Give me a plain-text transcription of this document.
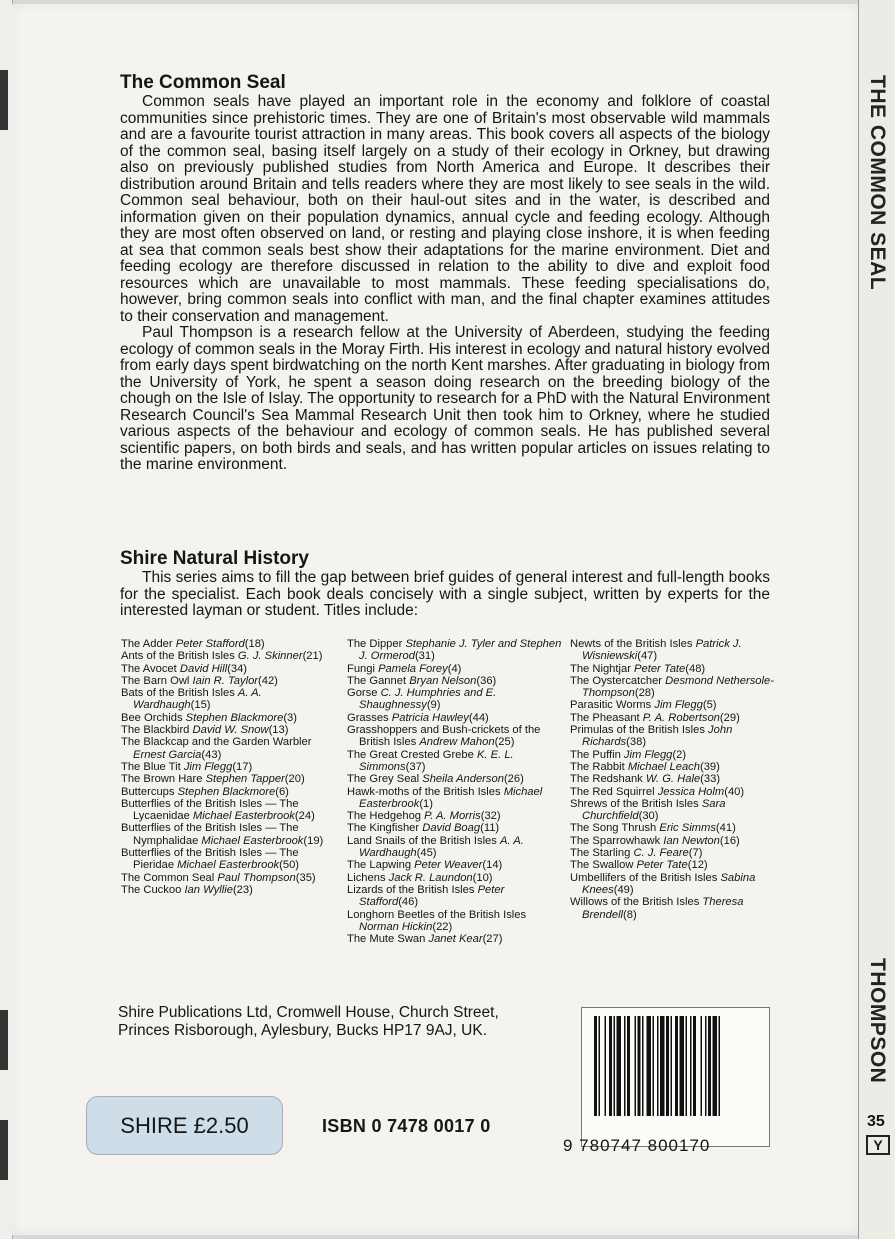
The Common Seal

Common seals have played an important role in the economy and folklore of coastal communities since prehistoric times. They are one of Britain's most observable wild mammals and are a favourite tourist attraction in many areas. This book covers all aspects of the biology of the common seal, basing itself largely on a study of their ecology in Orkney, but drawing also on previously published studies from North America and Europe. It describes their distribution around Britain and tells readers where they are most likely to see seals in the wild. Common seal behaviour, both on their haul-out sites and in the water, is described and information given on their population dynamics, annual cycle and feeding ecology. Although they are most often observed on land, or resting and playing close inshore, it is when feeding at sea that common seals best show their adaptations for the marine environment. Diet and feeding ecology are therefore discussed in relation to the ability to dive and exploit food resources which are unavailable to most mammals. These feeding specialisations do, however, bring common seals into conflict with man, and the final chapter examines attitudes to their conservation and management.

Paul Thompson is a research fellow at the University of Aberdeen, studying the feeding ecology of common seals in the Moray Firth. His interest in ecology and natural history evolved from early days spent birdwatching on the north Kent marshes. After graduating in biology from the University of York, he spent a season doing research on the breeding biology of the chough on the Isle of Islay. The opportunity to research for a PhD with the Natural Environment Research Council's Sea Mammal Research Unit then took him to Orkney, where he studied various aspects of the behaviour and ecology of common seals. He has published several scientific papers, on both birds and seals, and has written popular articles on issues relating to the marine environment.

Shire Natural History

This series aims to fill the gap between brief guides of general interest and full-length books for the specialist. Each book deals concisely with a single subject, written by experts for the interested layman or student. Titles include:

The Adder Peter Stafford(18)
Ants of the British Isles G. J. Skinner(21)
The Avocet David Hill(34)
The Barn Owl Iain R. Taylor(42)
Bats of the British Isles A. A. Wardhaugh(15)
Bee Orchids Stephen Blackmore(3)
The Blackbird David W. Snow(13)
The Blackcap and the Garden Warbler Ernest Garcia(43)
The Blue Tit Jim Flegg(17)
The Brown Hare Stephen Tapper(20)
Buttercups Stephen Blackmore(6)
Butterflies of the British Isles — The Lycaenidae Michael Easterbrook(24)
Butterflies of the British Isles — The Nymphalidae Michael Easterbrook(19)
Butterflies of the British Isles — The Pieridae Michael Easterbrook(50)
The Common Seal Paul Thompson(35)
The Cuckoo Ian Wyllie(23)
The Dipper Stephanie J. Tyler and Stephen J. Ormerod(31)
Fungi Pamela Forey(4)
The Gannet Bryan Nelson(36)
Gorse C. J. Humphries and E. Shaughnessy(9)
Grasses Patricia Hawley(44)
Grasshoppers and Bush-crickets of the British Isles Andrew Mahon(25)
The Great Crested Grebe K. E. L. Simmons(37)
The Grey Seal Sheila Anderson(26)
Hawk-moths of the British Isles Michael Easterbrook(1)
The Hedgehog P. A. Morris(32)
The Kingfisher David Boag(11)
Land Snails of the British Isles A. A. Wardhaugh(45)
The Lapwing Peter Weaver(14)
Lichens Jack R. Laundon(10)
Lizards of the British Isles Peter Stafford(46)
Longhorn Beetles of the British Isles Norman Hickin(22)
The Mute Swan Janet Kear(27)
Newts of the British Isles Patrick J. Wisniewski(47)
The Nightjar Peter Tate(48)
The Oystercatcher Desmond Nethersole-Thompson(28)
Parasitic Worms Jim Flegg(5)
The Pheasant P. A. Robertson(29)
Primulas of the British Isles John Richards(38)
The Puffin Jim Flegg(2)
The Rabbit Michael Leach(39)
The Redshank W. G. Hale(33)
The Red Squirrel Jessica Holm(40)
Shrews of the British Isles Sara Churchfield(30)
The Song Thrush Eric Simms(41)
The Sparrowhawk Ian Newton(16)
The Starling C. J. Feare(7)
The Swallow Peter Tate(12)
Umbellifers of the British Isles Sabina Knees(49)
Willows of the British Isles Theresa Brendell(8)
Shire Publications Ltd, Cromwell House, Church Street, Princes Risborough, Aylesbury, Bucks HP17 9AJ, UK.
9 780747 800170
SHIRE £2.50	ISBN 0 7478 0017 0
THE COMMON SEAL
THOMPSON
35
Y
